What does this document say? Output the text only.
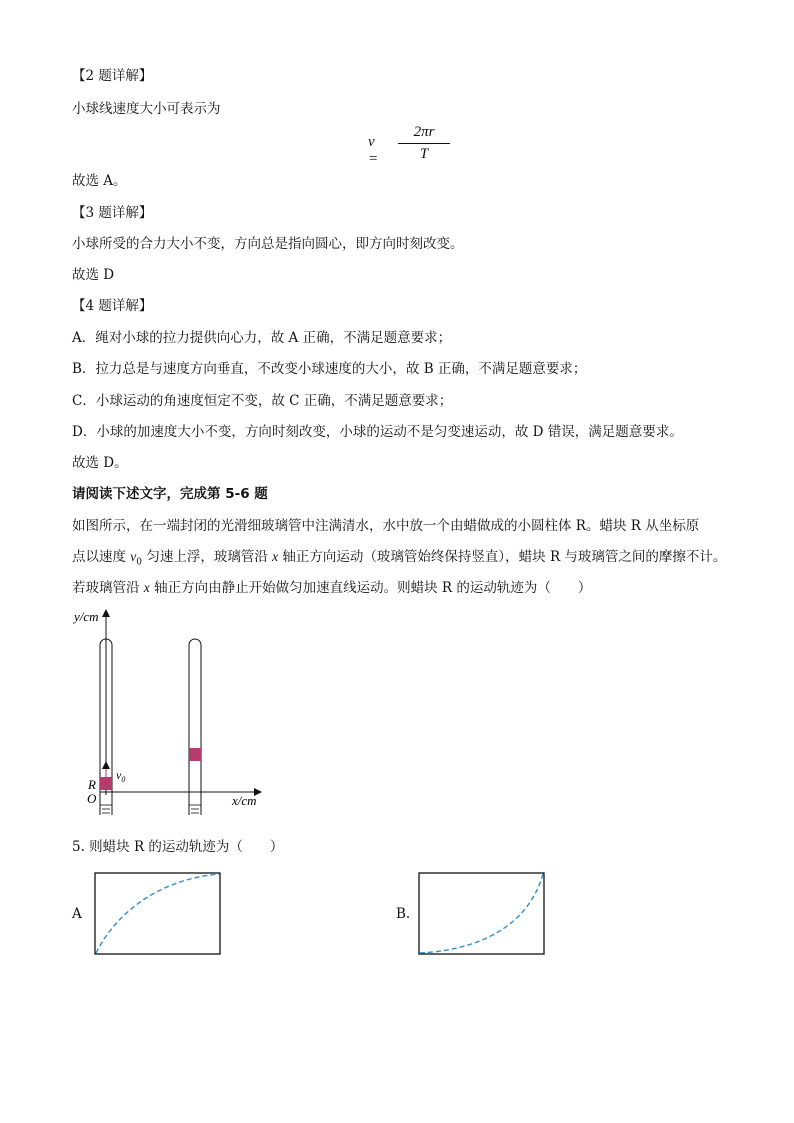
【2 题详解】
小球线速度大小可表示为
v =
2πr
T
故选 A。
【3 题详解】
小球所受的合力大小不变，方向总是指向圆心，即方向时刻改变。
故选 D
【4 题详解】
A．绳对小球的拉力提供向心力，故 A 正确，不满足题意要求；
B．拉力总是与速度方向垂直，不改变小球速度的大小，故 B 正确，不满足题意要求；
C．小球运动的角速度恒定不变，故 C 正确，不满足题意要求；
D．小球的加速度大小不变，方向时刻改变，小球的运动不是匀变速运动，故 D 错误，满足题意要求。
故选 D。
请阅读下述文字，完成第 5-6 题
如图所示，在一端封闭的光滑细玻璃管中注满清水，水中放一个由蜡做成的小圆柱体 R。蜡块 R 从坐标原
点以速度 $v_0$ 匀速上浮，玻璃管沿 x 轴正方向运动（玻璃管始终保持竖直），蜡块 R 与玻璃管之间的摩擦不计。
若玻璃管沿 x 轴正方向由静止开始做匀加速直线运动。则蜡块 R 的运动轨迹为（　　）
y/cm
x/cm
O
R
$v_0$
5. 则蜡块 R 的运动轨迹为（　　）
A	B.
